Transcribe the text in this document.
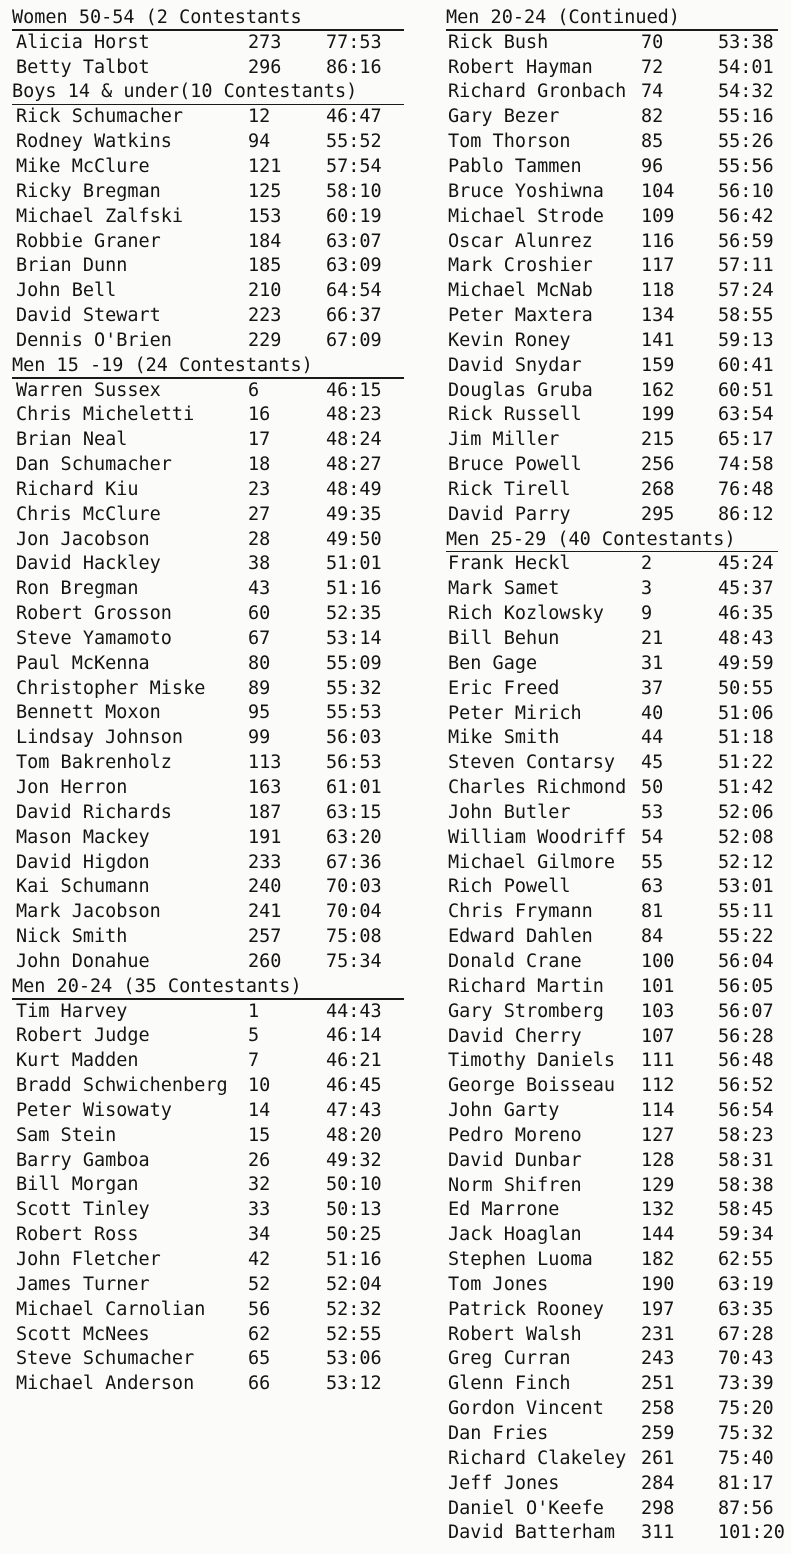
Women 50-54 (2 Contestants
Alicia Horst	273 77:53
Betty Talbot	296 86:16
Boys 14 & under(10 Contestants)
Rick Schumacher	12	46:47
Rodney Watkins	94	55:52
Mike McClure	121 57:54
Ricky Bregman	125 58:10
Michael Zalfski	153 60:19
Robbie Graner	184 63:07
Brian Dunn	185 63:09
John Bell	210 64:54
David Stewart	223 66:37
Dennis O'Brien	229 67:09
Men 15 -19 (24 Contestants)
Warren Sussex	6	46:15
Chris Micheletti	16	48:23
Brian Neal	17	48:24
Dan Schumacher	18	48:27
Richard Kiu	23	48:49
Chris McClure	27	49:35
Jon Jacobson	28	49:50
David Hackley	38	51:01
Ron Bregman	43	51:16
Robert Grosson	60	52:35
Steve Yamamoto	67	53:14
Paul McKenna	80	55:09
Christopher Miske 89	55:32
Bennett Moxon	95	55:53
Lindsay Johnson	99	56:03
Tom Bakrenholz	113 56:53
Jon Herron	163 61:01
David Richards	187 63:15
Mason Mackey	191 63:20
David Higdon	233 67:36
Kai Schumann	240 70:03
Mark Jacobson	241 70:04
Nick Smith	257 75:08
John Donahue	260 75:34
Men 20-24 (35 Contestants)
Tim Harvey	1	44:43
Robert Judge	5	46:14
Kurt Madden	7	46:21
Bradd Schwichenberg 10	46:45
Peter Wisowaty	14	47:43
Sam Stein	15	48:20
Barry Gamboa	26	49:32
Bill Morgan	32	50:10
Scott Tinley	33	50:13
Robert Ross	34	50:25
John Fletcher	42	51:16
James Turner	52	52:04
Michael Carnolian 56	52:32
Scott McNees	62	52:55
Steve Schumacher	65	53:06
Michael Anderson	66	53:12
Men 20-24 (Continued)
Rick Bush	70	53:38
Robert Hayman	72	54:01
Richard Gronbach 74	54:32
Gary Bezer	82	55:16
Tom Thorson	85	55:26
Pablo Tammen	96	55:56
Bruce Yoshiwna 104 56:10
Michael Strode 109 56:42
Oscar Alunrez	116 56:59
Mark Croshier	117 57:11
Michael McNab	118 57:24
Peter Maxtera	134 58:55
Kevin Roney	141 59:13
David Snydar	159 60:41
Douglas Gruba	162 60:51
Rick Russell	199 63:54
Jim Miller	215 65:17
Bruce Powell	256 74:58
Rick Tirell	268 76:48
David Parry	295 86:12
Men 25-29 (40 Contestants)
Frank Heckl	2	45:24
Mark Samet	3	45:37
Rich Kozlowsky 9	46:35
Bill Behun	21	48:43
Ben Gage	31	49:59
Eric Freed	37	50:55
Peter Mirich	40	51:06
Mike Smith	44	51:18
Steven Contarsy 45	51:22
Charles Richmond 50	51:42
John Butler	53	52:06
William Woodriff 54	52:08
Michael Gilmore 55	52:12
Rich Powell	63	53:01
Chris Frymann	81	55:11
Edward Dahlen	84	55:22
Donald Crane	100 56:04
Richard Martin 101 56:05
Gary Stromberg 103 56:07
David Cherry	107 56:28
Timothy Daniels 111 56:48
George Boisseau 112 56:52
John Garty	114 56:54
Pedro Moreno	127 58:23
David Dunbar	128 58:31
Norm Shifren	129 58:38
Ed Marrone	132 58:45
Jack Hoaglan	144 59:34
Stephen Luoma	182 62:55
Tom Jones	190 63:19
Patrick Rooney 197 63:35
Robert Walsh	231 67:28
Greg Curran	243 70:43
Glenn Finch	251 73:39
Gordon Vincent 258 75:20
Dan Fries	259 75:32
Richard Clakeley 261 75:40
Jeff Jones	284 81:17
Daniel O'Keefe 298 87:56
David Batterham 311 101:20
